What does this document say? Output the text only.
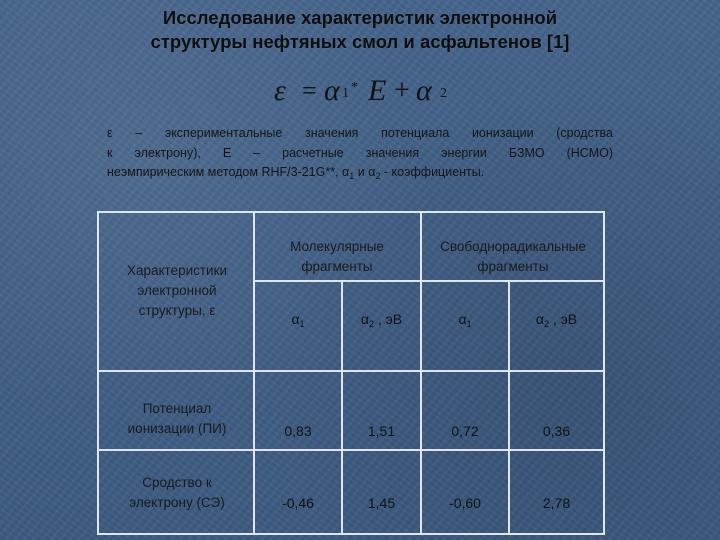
Исследование характеристик электронной
структуры нефтяных смол и асфальтенов [1]
ε = α 1 * E + α 2
ε – экспериментальные значения потенциала ионизации (сродства
к электрону), Е – расчетные значения энергии БЗМО (НСМО)
неэмпирическим методом RHF/3-21G**, $\alpha_1$ и $\alpha_2$ - коэффициенты.
Характеристики электронной структуры, ε
Молекулярные фрагменты
Свободнорадикальные фрагменты
$\alpha_1$	$\alpha_2$ , эВ	$\alpha_1$	$\alpha_2$ , эВ
Потенциал ионизации (ПИ)	0,83	1,51	0,72	0,36
Сродство к электрону (СЭ)	-0,46	1,45	-0,60	2,78
